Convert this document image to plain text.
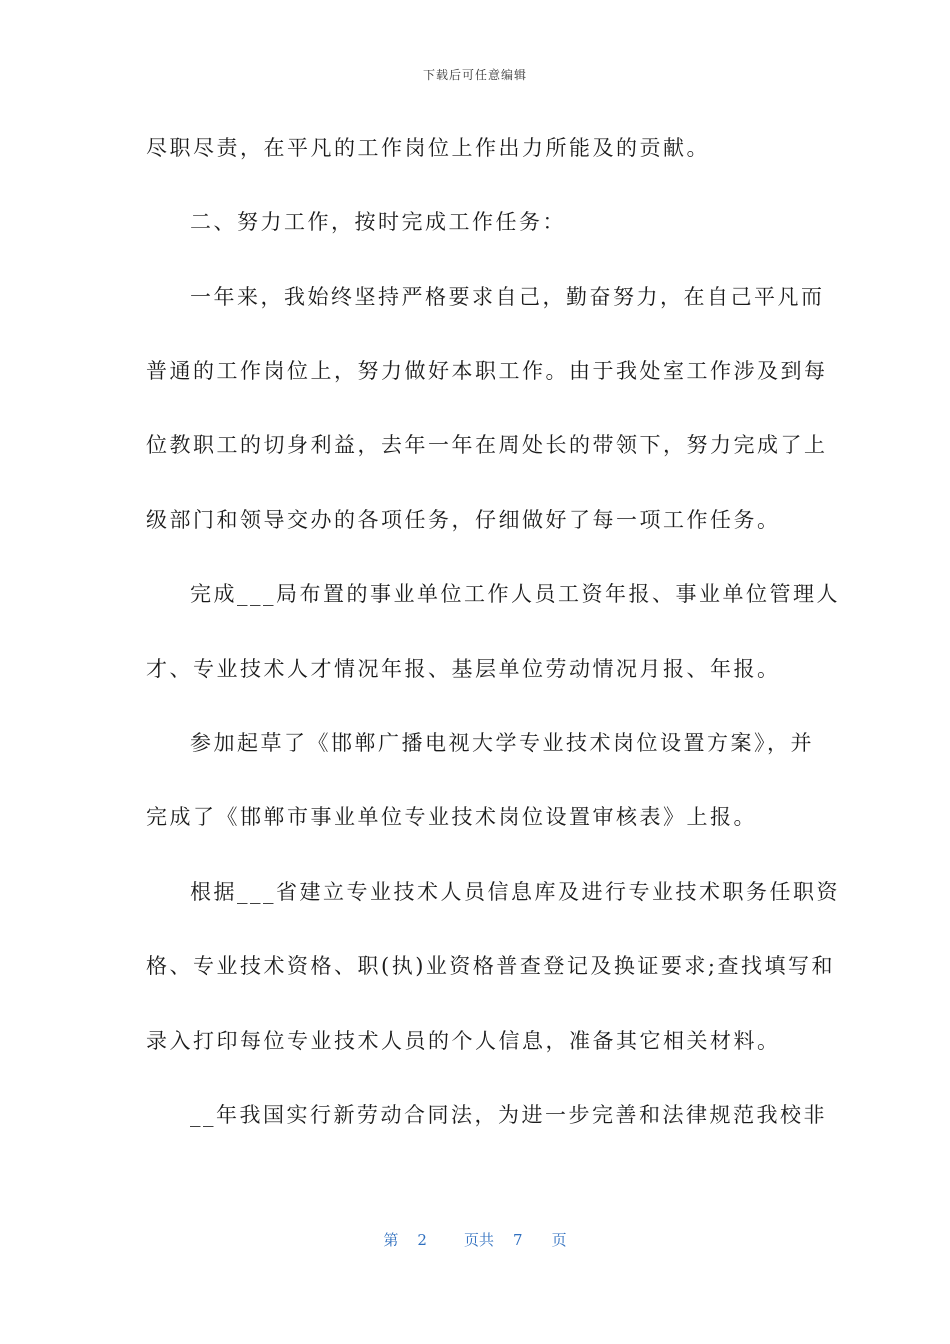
下载后可任意编辑
尽职尽责，在平凡的工作岗位上作出力所能及的贡献。
二、努力工作，按时完成工作任务：
一年来，我始终坚持严格要求自己，勤奋努力，在自己平凡而
普通的工作岗位上，努力做好本职工作。由于我处室工作涉及到每
位教职工的切身利益，去年一年在周处长的带领下，努力完成了上
级部门和领导交办的各项任务，仔细做好了每一项工作任务。
完成___局布置的事业单位工作人员工资年报、事业单位管理人
才、专业技术人才情况年报、基层单位劳动情况月报、年报。
参加起草了《邯郸广播电视大学专业技术岗位设置方案》，并
完成了《邯郸市事业单位专业技术岗位设置审核表》上报。
根据___省建立专业技术人员信息库及进行专业技术职务任职资
格、专业技术资格、职(执)业资格普查登记及换证要求;查找填写和
录入打印每位专业技术人员的个人信息，准备其它相关材料。
__年我国实行新劳动合同法，为进一步完善和法律规范我校非
第 2 页共 7 页
